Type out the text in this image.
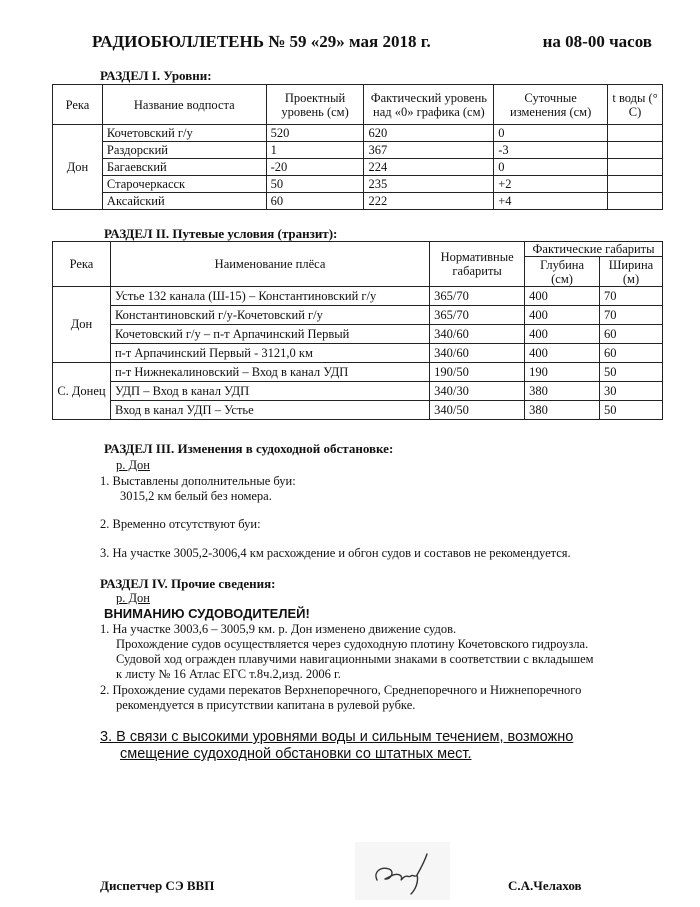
РАДИОБЮЛЛЕТЕНЬ № 59 «29» мая 2018 г.	на 08-00 часов
РАЗДЕЛ I. Уровни:
Река	Название водпоста	Проектный уровень (см)	Фактический уровень над «0» графика (см)	Суточные изменения (см)	t воды (° С)
Дон	Кочетовский г/у	520	620	0	
	Раздорский	1	367	-3	
	Багаевский	-20	224	0	
	Старочеркасск	50	235	+2	
	Аксайский	60	222	+4	
РАЗДЕЛ II. Путевые условия (транзит):
Река	Наименование плёса	Нормативные габариты	Фактические габариты	
			Глубина (см)	Ширина (м)
Дон	Устье 132 канала (Ш-15) – Константиновский г/у	365/70	400	70
	Константиновский г/у-Кочетовский г/у	365/70	400	70
	Кочетовский г/у – п-т Арпачинский Первый	340/60	400	60
	п-т Арпачинский Первый - 3121,0 км	340/60	400	60
С. Донец	п-т Нижнекалиновский – Вход в канал УДП	190/50	190	50
	УДП – Вход в канал УДП	340/30	380	30
	Вход в канал УДП – Устье	340/50	380	50
РАЗДЕЛ III. Изменения в судоходной обстановке:
р. Дон
1. Выставлены дополнительные буи:
3015,2 км белый без номера.
2. Временно отсутствуют буи:
3. На участке 3005,2-3006,4 км расхождение и обгон судов и составов не рекомендуется.
РАЗДЕЛ IV. Прочие сведения:
р. Дон
ВНИМАНИЮ СУДОВОДИТЕЛЕЙ!
1. На участке 3003,6 – 3005,9 км. р. Дон изменено движение судов.
Прохождение судов осуществляется через судоходную плотину Кочетовского гидроузла.
Судовой ход огражден плавучими навигационными знаками в соответствии с вкладышем
к листу № 16 Атлас ЕГС т.8ч.2,изд. 2006 г.
2. Прохождение судами перекатов Верхнепоречного, Среднепоречного и Нижнепоречного
рекомендуется в присутствии капитана в рулевой рубке.
3. В связи с высокими уровнями воды и сильным течением, возможно
смещение судоходной обстановки со штатных мест.
Диспетчер СЭ ВВП	С.А.Челахов
